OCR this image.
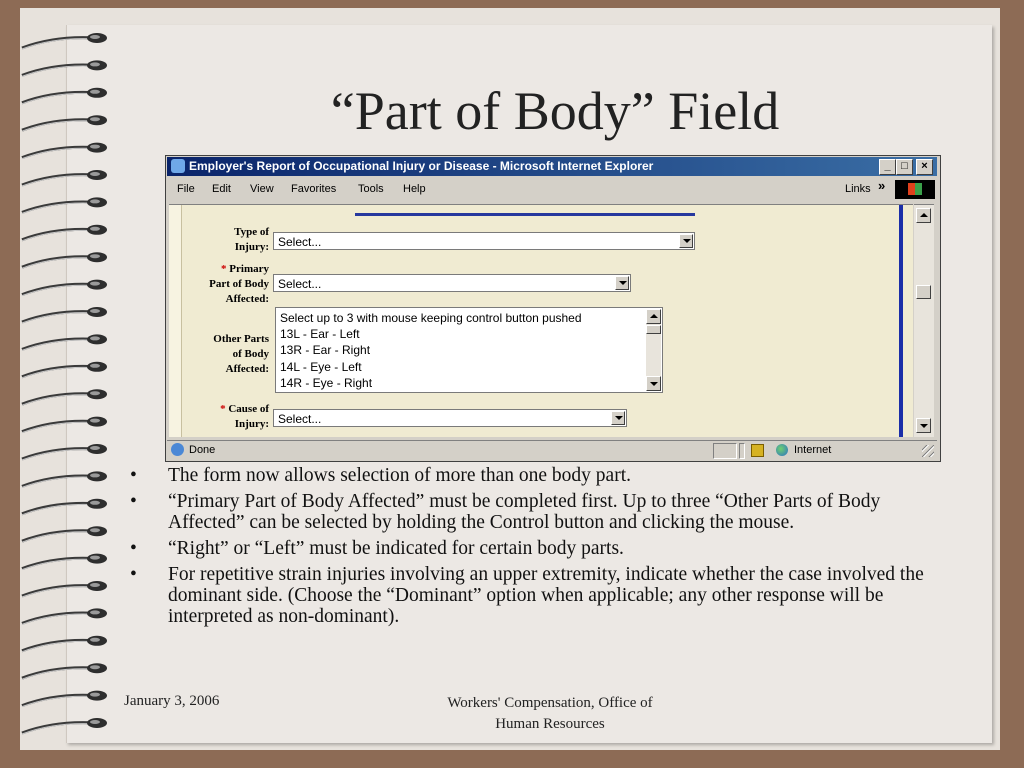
“Part of Body” Field
Employer's Report of Occupational Injury or Disease - Microsoft Internet Explorer	_ □	×
File Edit View Favorites Tools Help	Links »
Type of
Injury: Select...
* Primary
Part of Body
Affected:
Select...
Other Parts
of Body
Affected:
Select up to 3 with mouse keeping control button pushed
13L - Ear - Left
13R - Ear - Right
14L - Eye - Left
14R - Eye - Right
* Cause of
Injury: Select...
Done	Internet
• The form now allows selection of more than one body part.
• “Primary Part of Body Affected” must be completed first. Up to three “Other Parts of Body Affected” can be selected by holding the Control button and clicking the mouse.
• “Right” or “Left” must be indicated for certain body parts.
• For repetitive strain injuries involving an upper extremity, indicate whether the case involved the dominant side. (Choose the “Dominant” option when applicable; any other response will be interpreted as non-dominant).
January 3, 2006	Workers' Compensation, Office of
Human Resources
